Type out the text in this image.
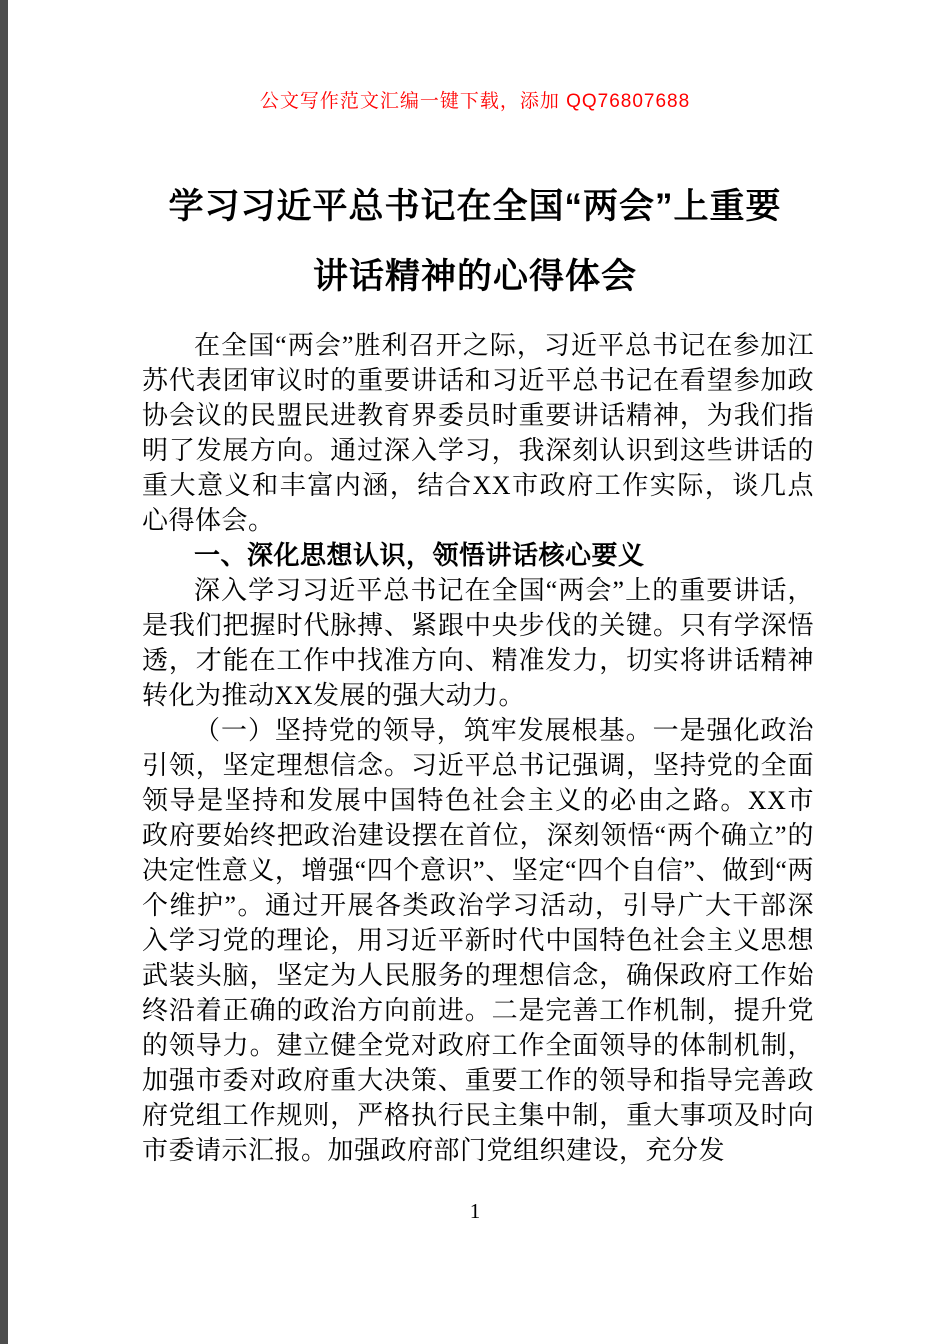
公文写作范文汇编一键下载，添加 QQ76807688
学习习近平总书记在全国“两会”上重要
讲话精神的心得体会

在全国“两会”胜利召开之际，习近平总书记在参加江苏代表团审议时的重要讲话和习近平总书记在看望参加政协会议的民盟民进教育界委员时重要讲话精神，为我们指明了发展方向。通过深入学习，我深刻认识到这些讲话的重大意义和丰富内涵，结合XX市政府工作实际，谈几点心得体会。

一、深化思想认识，领悟讲话核心要义

深入学习习近平总书记在全国“两会”上的重要讲话，是我们把握时代脉搏、紧跟中央步伐的关键。只有学深悟透，才能在工作中找准方向、精准发力，切实将讲话精神转化为推动XX发展的强大动力。

（一）坚持党的领导，筑牢发展根基。一是强化政治引领，坚定理想信念。习近平总书记强调，坚持党的全面领导是坚持和发展中国特色社会主义的必由之路。XX市政府要始终把政治建设摆在首位，深刻领悟“两个确立”的决定性意义，增强“四个意识”、坚定“四个自信”、做到“两个维护”。通过开展各类政治学习活动，引导广大干部深入学习党的理论，用习近平新时代中国特色社会主义思想武装头脑，坚定为人民服务的理想信念，确保政府工作始终沿着正确的政治方向前进。二是完善工作机制，提升党的领导力。建立健全党对政府工作全面领导的体制机制，加强市委对政府重大决策、重要工作的领导和指导完善政府党组工作规则，严格执行民主集中制，重大事项及时向市委请示汇报。加强政府部门党组织建设，充分发

1
